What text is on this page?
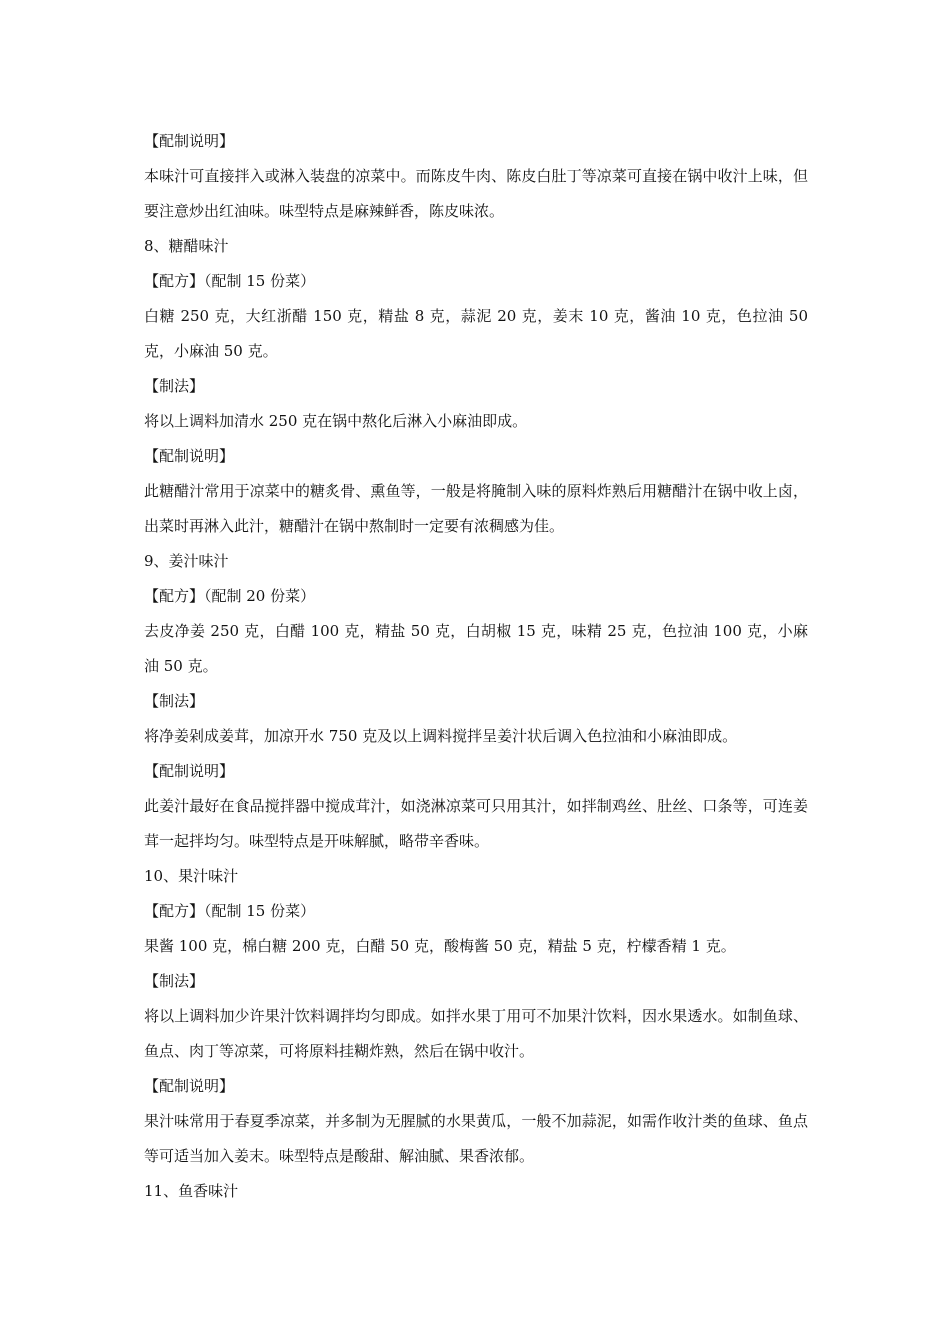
【配制说明】

本味汁可直接拌入或淋入装盘的凉菜中。而陈皮牛肉、陈皮白肚丁等凉菜可直接在锅中收汁上味，但要注意炒出红油味。味型特点是麻辣鲜香，陈皮味浓。

8、糖醋味汁

【配方】（配制 15 份菜）

白糖 250 克，大红浙醋 150 克，精盐 8 克，蒜泥 20 克，姜末 10 克，酱油 10 克，色拉油 50 克，小麻油 50 克。

【制法】

将以上调料加清水 250 克在锅中熬化后淋入小麻油即成。

【配制说明】

此糖醋汁常用于凉菜中的糖炙骨、熏鱼等，一般是将腌制入味的原料炸熟后用糖醋汁在锅中收上卤，出菜时再淋入此汁，糖醋汁在锅中熬制时一定要有浓稠感为佳。

9、姜汁味汁

【配方】（配制 20 份菜）

去皮净姜 250 克，白醋 100 克，精盐 50 克，白胡椒 15 克，味精 25 克，色拉油 100 克，小麻油 50 克。

【制法】

将净姜剁成姜茸，加凉开水 750 克及以上调料搅拌呈姜汁状后调入色拉油和小麻油即成。

【配制说明】

此姜汁最好在食品搅拌器中搅成茸汁，如浇淋凉菜可只用其汁，如拌制鸡丝、肚丝、口条等，可连姜茸一起拌均匀。味型特点是开味解腻，略带辛香味。

10、果汁味汁

【配方】（配制 15 份菜）

果酱 100 克，棉白糖 200 克，白醋 50 克，酸梅酱 50 克，精盐 5 克，柠檬香精 1 克。

【制法】

将以上调料加少许果汁饮料调拌均匀即成。如拌水果丁用可不加果汁饮料，因水果透水。如制鱼球、鱼点、肉丁等凉菜，可将原料挂糊炸熟，然后在锅中收汁。

【配制说明】

果汁味常用于春夏季凉菜，并多制为无腥腻的水果黄瓜，一般不加蒜泥，如需作收汁类的鱼球、鱼点等可适当加入姜末。味型特点是酸甜、解油腻、果香浓郁。

11、鱼香味汁
